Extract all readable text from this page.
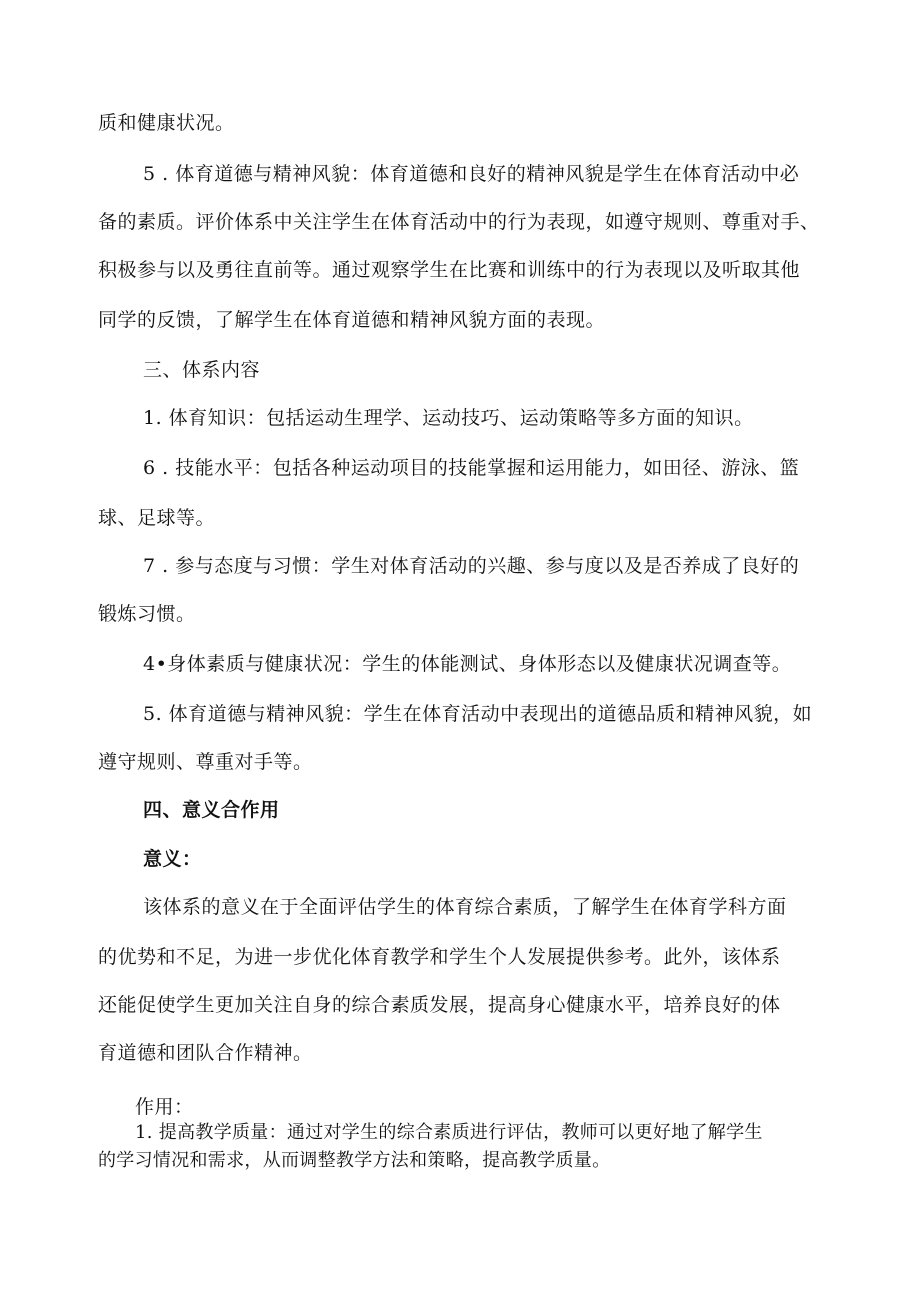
质和健康状况。

5 . 体育道德与精神风貌：体育道德和良好的精神风貌是学生在体育活动中必

备的素质。评价体系中关注学生在体育活动中的行为表现，如遵守规则、尊重对手、

积极参与以及勇往直前等。通过观察学生在比赛和训练中的行为表现以及听取其他

同学的反馈，了解学生在体育道德和精神风貌方面的表现。

三、体系内容

1. 体育知识：包括运动生理学、运动技巧、运动策略等多方面的知识。

6 . 技能水平：包括各种运动项目的技能掌握和运用能力，如田径、游泳、篮

球、足球等。

7 . 参与态度与习惯：学生对体育活动的兴趣、参与度以及是否养成了良好的

锻炼习惯。

4•身体素质与健康状况：学生的体能测试、身体形态以及健康状况调查等。

5. 体育道德与精神风貌：学生在体育活动中表现出的道德品质和精神风貌，如

遵守规则、尊重对手等。

四、意义合作用

意义：

该体系的意义在于全面评估学生的体育综合素质，了解学生在体育学科方面

的优势和不足，为进一步优化体育教学和学生个人发展提供参考。此外，该体系

还能促使学生更加关注自身的综合素质发展，提高身心健康水平，培养良好的体

育道德和团队合作精神。

作用：

1. 提高教学质量：通过对学生的综合素质进行评估，教师可以更好地了解学生

的学习情况和需求，从而调整教学方法和策略，提高教学质量。
